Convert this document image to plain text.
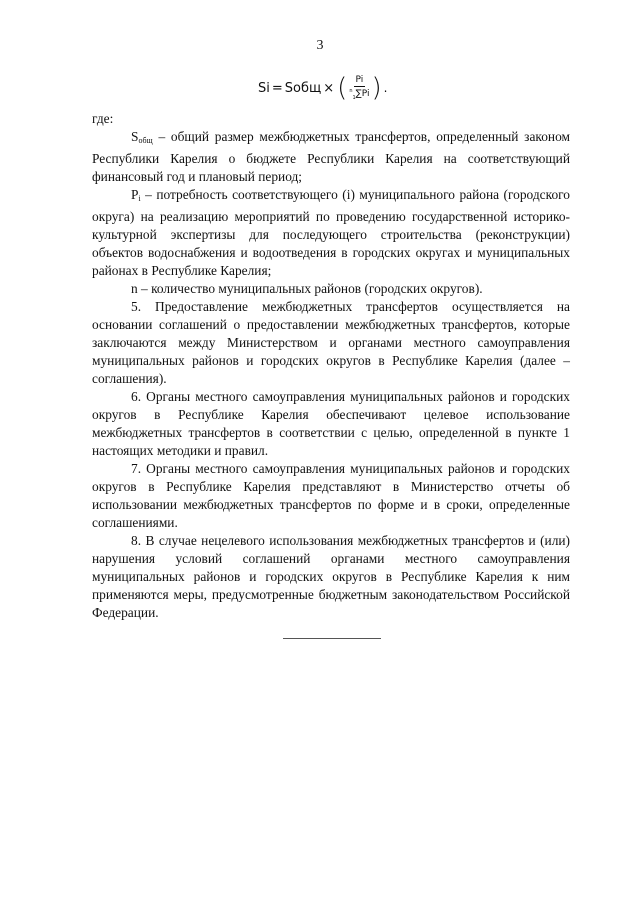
3
Si = Sобщ × ( $\frac{Pi}{^n_1\sum Pi}$ ) .

где:

$S_{общ}$ – общий размер межбюджетных трансфертов, определенный законом Республики Карелия о бюджете Республики Карелия на соответствующий финансовый год и плановый период;

$P_i$ – потребность соответствующего (i) муниципального района (городского округа) на реализацию мероприятий по проведению государственной историко-культурной экспертизы для последующего строительства (реконструкции) объектов водоснабжения и водоотведения в городских округах и муниципальных районах в Республике Карелия;

n – количество муниципальных районов (городских округов).

5. Предоставление межбюджетных трансфертов осуществляется на основании соглашений о предоставлении межбюджетных трансфертов, которые заключаются между Министерством и органами местного самоуправления муниципальных районов и городских округов в Республике Карелия (далее – соглашения).

6. Органы местного самоуправления муниципальных районов и городских округов в Республике Карелия обеспечивают целевое использование межбюджетных трансфертов в соответствии с целью, определенной в пункте 1 настоящих методики и правил.

7. Органы местного самоуправления муниципальных районов и городских округов в Республике Карелия представляют в Министерство отчеты об использовании межбюджетных трансфертов по форме и в сроки, определенные соглашениями.

8. В случае нецелевого использования межбюджетных трансфертов и (или) нарушения условий соглашений органами местного самоуправления муниципальных районов и городских округов в Республике Карелия к ним применяются меры, предусмотренные бюджетным законодательством Российской Федерации.
